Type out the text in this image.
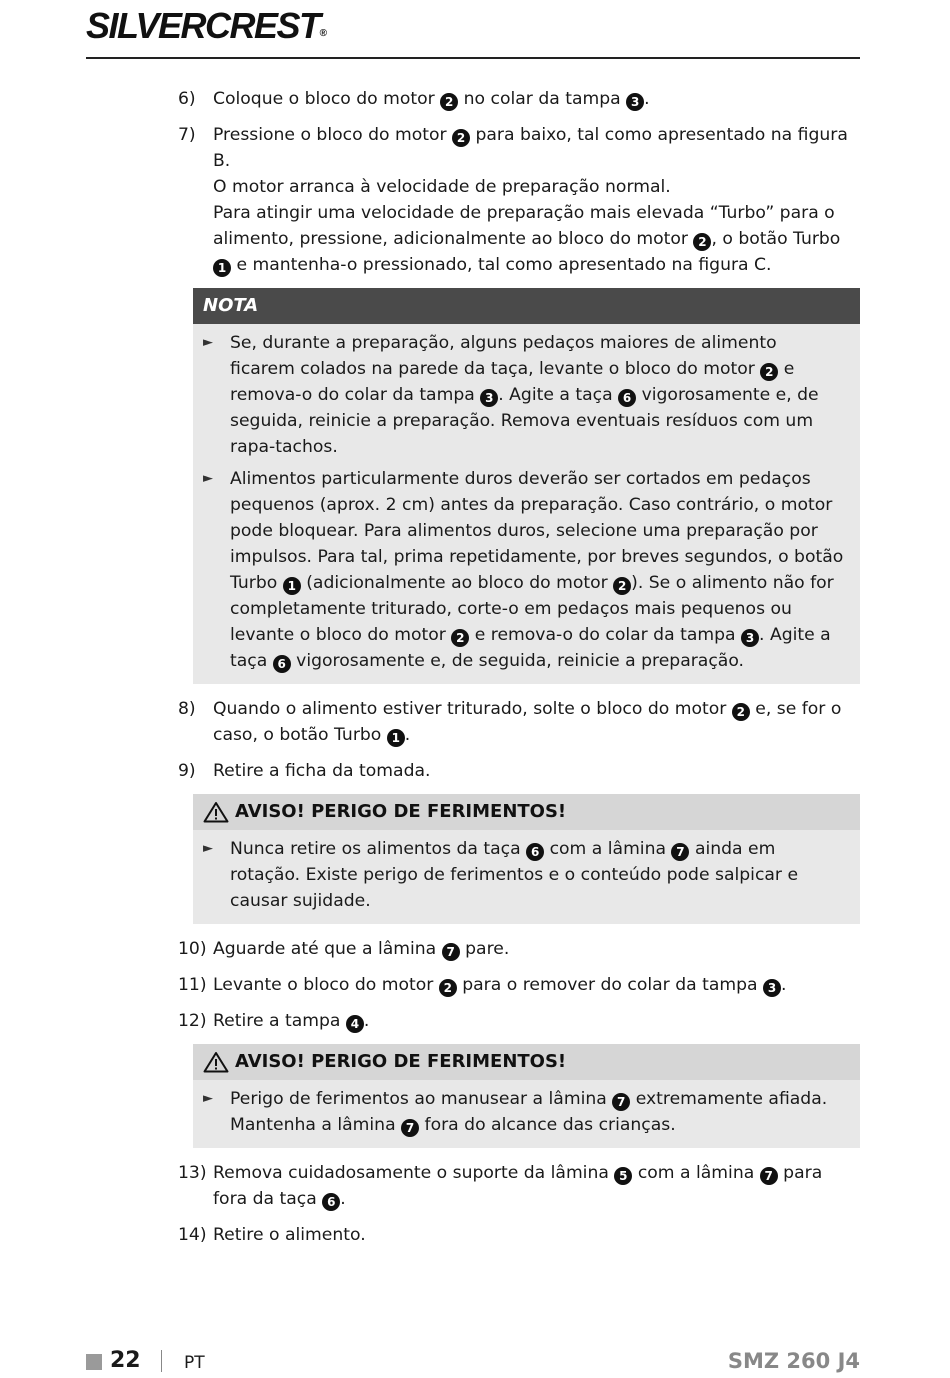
SILVERCREST®
6)	Coloque o bloco do motor 2 no colar da tampa 3 .
7)	Pressione o bloco do motor 2 para baixo, tal como apresentado na figura B.
O motor arranca à velocidade de preparação normal.
Para atingir uma velocidade de preparação mais elevada “Turbo” para o alimento, pressione, adicionalmente ao bloco do motor 2 , o botão Turbo 1 e mantenha-o pressionado, tal como apresentado na figura C.
NOTA
► Se, durante a preparação, alguns pedaços maiores de alimento ficarem colados na parede da taça, levante o bloco do motor 2 e remova-o do colar da tampa 3 . Agite a taça 6 vigorosamente e, de seguida, reinicie a preparação. Remova eventuais resíduos com um rapa-tachos.
► Alimentos particularmente duros deverão ser cortados em pedaços pequenos (aprox. 2 cm) antes da preparação. Caso contrário, o motor pode bloquear. Para alimentos duros, selecione uma preparação por impulsos. Para tal, prima repetidamente, por breves segundos, o botão Turbo 1 (adicionalmente ao bloco do motor 2 ). Se o alimento não for completamente triturado, corte-o em pedaços mais pequenos ou levante o bloco do motor 2 e remova-o do colar da tampa 3 . Agite a taça 6 vigorosamente e, de seguida, reinicie a preparação.
8)	Quando o alimento estiver triturado, solte o bloco do motor 2 e, se for o caso, o botão Turbo 1 .
9)	Retire a ficha da tomada.
AVISO! PERIGO DE FERIMENTOS!
► Nunca retire os alimentos da taça 6 com a lâmina 7 ainda em rotação. Existe perigo de ferimentos e o conteúdo pode salpicar e causar sujidade.
10) Aguarde até que a lâmina 7 pare.
11) Levante o bloco do motor 2 para o remover do colar da tampa 3 .
12) Retire a tampa 4 .
AVISO! PERIGO DE FERIMENTOS!
► Perigo de ferimentos ao manusear a lâmina 7 extremamente afiada. Mantenha a lâmina 7 fora do alcance das crianças.
13) Remova cuidadosamente o suporte da lâmina 5 com a lâmina 7 para fora da taça 6 .
14) Retire o alimento.
22	PT	SMZ 260 J4
